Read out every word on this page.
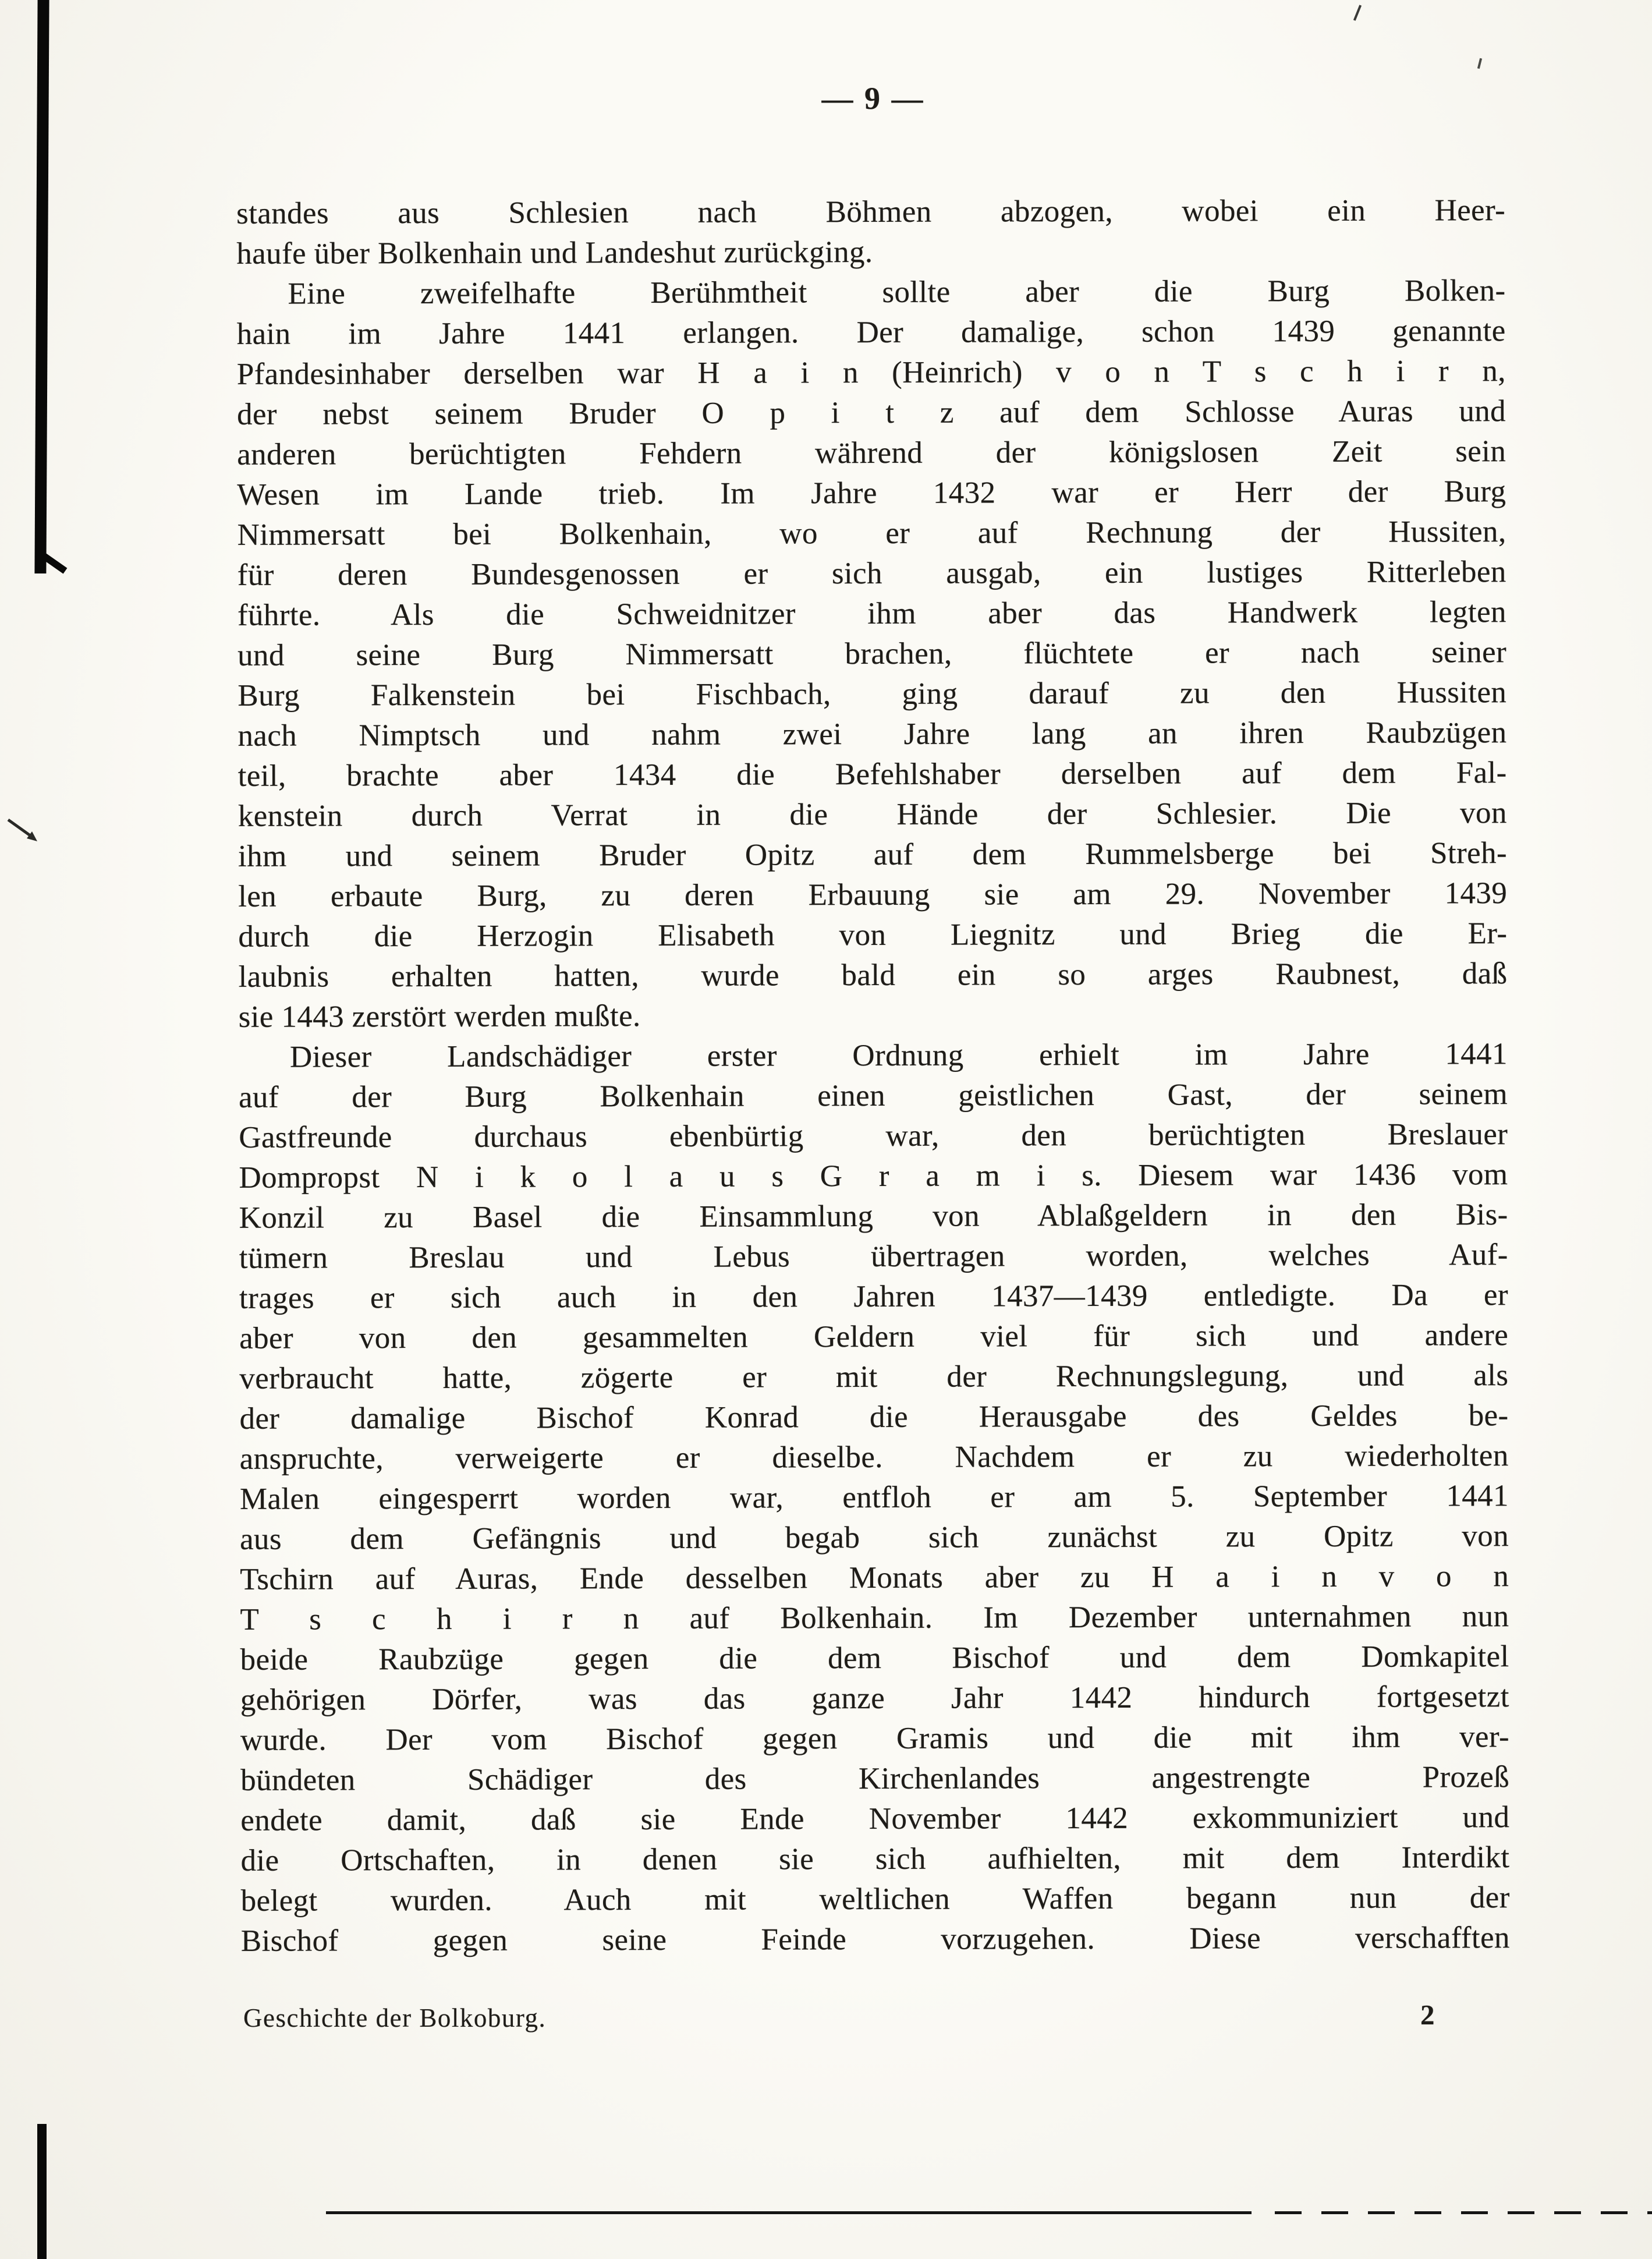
— 9 —
standes aus Schlesien nach Böhmen abzogen, wobei ein Heer-
haufe über Bolkenhain und Landeshut zurückging.
Eine zweifelhafte Berühmtheit sollte aber die Burg Bolken-
hain im Jahre 1441 erlangen. Der damalige, schon 1439 genannte
Pfandesinhaber derselben war H a i n (Heinrich) v o n T s c h i r n,
der nebst seinem Bruder O p i t z auf dem Schlosse Auras und
anderen berüchtigten Fehdern während der königslosen Zeit sein
Wesen im Lande trieb. Im Jahre 1432 war er Herr der Burg
Nimmersatt bei Bolkenhain, wo er auf Rechnung der Hussiten,
für deren Bundesgenossen er sich ausgab, ein lustiges Ritterleben
führte. Als die Schweidnitzer ihm aber das Handwerk legten
und seine Burg Nimmersatt brachen, flüchtete er nach seiner
Burg Falkenstein bei Fischbach, ging darauf zu den Hussiten
nach Nimptsch und nahm zwei Jahre lang an ihren Raubzügen
teil, brachte aber 1434 die Befehlshaber derselben auf dem Fal-
kenstein durch Verrat in die Hände der Schlesier. Die von
ihm und seinem Bruder Opitz auf dem Rummelsberge bei Streh-
len erbaute Burg, zu deren Erbauung sie am 29. November 1439
durch die Herzogin Elisabeth von Liegnitz und Brieg die Er-
laubnis erhalten hatten, wurde bald ein so arges Raubnest, daß
sie 1443 zerstört werden mußte.
Dieser Landschädiger erster Ordnung erhielt im Jahre 1441
auf der Burg Bolkenhain einen geistlichen Gast, der seinem
Gastfreunde durchaus ebenbürtig war, den berüchtigten Breslauer
Dompropst N i k o l a u s G r a m i s. Diesem war 1436 vom
Konzil zu Basel die Einsammlung von Ablaßgeldern in den Bis-
tümern Breslau und Lebus übertragen worden, welches Auf-
trages er sich auch in den Jahren 1437—1439 entledigte. Da er
aber von den gesammelten Geldern viel für sich und andere
verbraucht hatte, zögerte er mit der Rechnungslegung, und als
der damalige Bischof Konrad die Herausgabe des Geldes be-
anspruchte, verweigerte er dieselbe. Nachdem er zu wiederholten
Malen eingesperrt worden war, entfloh er am 5. September 1441
aus dem Gefängnis und begab sich zunächst zu Opitz von
Tschirn auf Auras, Ende desselben Monats aber zu H a i n v o n
T s c h i r n auf Bolkenhain. Im Dezember unternahmen nun
beide Raubzüge gegen die dem Bischof und dem Domkapitel
gehörigen Dörfer, was das ganze Jahr 1442 hindurch fortgesetzt
wurde. Der vom Bischof gegen Gramis und die mit ihm ver-
bündeten Schädiger des Kirchenlandes angestrengte Prozeß
endete damit, daß sie Ende November 1442 exkommuniziert und
die Ortschaften, in denen sie sich aufhielten, mit dem Interdikt
belegt wurden. Auch mit weltlichen Waffen begann nun der
Bischof gegen seine Feinde vorzugehen. Diese verschafften
Geschichte der Bolkoburg.	2
